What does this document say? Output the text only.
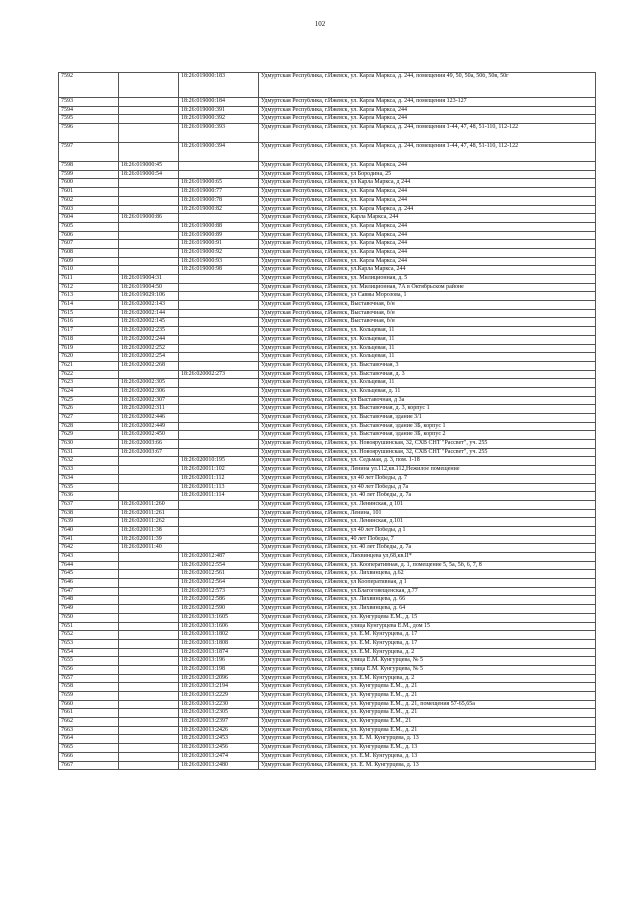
102
7592		18:26:019000:183	Удмуртская Республика, г.Ижевск, ул. Карла Маркса, д. 244, помещения 49, 50, 50а, 50б, 50в, 50г
7593		18:26:019000:184	Удмуртская Республика, г.Ижевск, ул. Карла Маркса, д. 244, помещения 123-127
7594		18:26:019000:391	Удмуртская Республика, г.Ижевск, ул. Карла Маркса, 244
7595		18:26:019000:392	Удмуртская Республика, г.Ижевск, ул. Карла Маркса, 244
7596		18:26:019000:393	Удмуртская Республика, г.Ижевск, ул. Карла Маркса, д. 244, помещения 1-44, 47, 48, 51-110, 112-122
7597		18:26:019000:394	Удмуртская Республика, г.Ижевск, ул. Карла Маркса, д. 244, помещения 1-44, 47, 48, 51-110, 112-122
7598	18:26:019000:45		Удмуртская Республика, г.Ижевск, ул. Карла Маркса, 244
7599	18:26:019000:54		Удмуртская Республика, г.Ижевск, ул Бородина, 25
7600		18:26:019000:65	Удмуртская Республика, г.Ижевск, ул Карла Маркса, д 244
7601		18:26:019000:77	Удмуртская Республика, г.Ижевск, ул. Карла Маркса, 244
7602		18:26:019000:78	Удмуртская Республика, г.Ижевск, ул. Карла Маркса, 244
7603		18:26:019000:82	Удмуртская Республика, г.Ижевск, ул. Карла Маркса, д. 244
7604	18:26:019000:86		Удмуртская Республика, г.Ижевск, Карла Маркса, 244
7605		18:26:019000:88	Удмуртская Республика, г.Ижевск, ул. Карла Маркса, 244
7606		18:26:019000:89	Удмуртская Республика, г.Ижевск, ул. Карла Маркса, 244
7607		18:26:019000:91	Удмуртская Республика, г.Ижевск, ул. Карла Маркса, 244
7608		18:26:019000:92	Удмуртская Республика, г.Ижевск, ул. Карла Маркса, 244
7609		18:26:019000:93	Удмуртская Республика, г.Ижевск, ул. Карла Маркса, 244
7610		18:26:019000:98	Удмуртская Республика, г.Ижевск, ул.Карла Маркса, 244
7611	18:26:019004:31		Удмуртская Республика, г.Ижевск, ул. Милиционная, д. 5
7612	18:26:019004:50		Удмуртская Республика, г.Ижевск, ул. Милиционная, 7А в Октябрьском районе
7613	18:26:019029:106		Удмуртская Республика, г.Ижевск, ул Саввы Морозова, 1
7614	18:26:020002:143		Удмуртская Республика, г.Ижевск, Выставочная, б/н
7615	18:26:020002:144		Удмуртская Республика, г.Ижевск, Выставочная, б/н
7616	18:26:020002:145		Удмуртская Республика, г.Ижевск, Выставочная, б/н
7617	18:26:020002:235		Удмуртская Республика, г.Ижевск, ул. Кольцевая, 11
7618	18:26:020002:244		Удмуртская Республика, г.Ижевск, ул. Кольцевая, 11
7619	18:26:020002:252		Удмуртская Республика, г.Ижевск, ул. Кольцевая, 11
7620	18:26:020002:254		Удмуртская Республика, г.Ижевск, ул. Кольцевая, 11
7621	18:26:020002:268		Удмуртская Республика, г.Ижевск, ул. Выставочная, 3
7622		18:26:020002:273	Удмуртская Республика, г.Ижевск, ул. Выставочная, д. 3
7623	18:26:020002:305		Удмуртская Республика, г.Ижевск, ул. Кольцевая, 11
7624	18:26:020002:306		Удмуртская Республика, г.Ижевск, ул. Кольцевая, д. 11
7625	18:26:020002:307		Удмуртская Республика, г.Ижевск, ул Выставочная, д 3а
7626	18:26:020002:311		Удмуртская Республика, г.Ижевск, ул. Выставочная, д. 3, корпус 1
7627	18:26:020002:446		Удмуртская Республика, г.Ижевск, ул. Выставочная, здание 3/1
7628	18:26:020002:449		Удмуртская Республика, г.Ижевск, ул. Выставочная, здание 3Б, корпус 1
7629	18:26:020002:450		Удмуртская Республика, г.Ижевск, ул. Выставочная, здание 3Б, корпус 2
7630	18:26:020003:66		Удмуртская Республика, г.Ижевск, ул. Новоярушинская, 32, СХВ СНТ "Рассвет", уч. 255
7631	18:26:020003:67		Удмуртская Республика, г.Ижевск, ул. Новоярушинская, 32, СХВ СНТ "Рассвет", уч. 255
7632		18:26:020010:195	Удмуртская Республика, г.Ижевск, ул. Седьмая, д. 3, пом. 1-18
7633		18:26:020011:102	Удмуртская Республика, г.Ижевск, Ленина ул.112,кв.112,Нежилое помещение
7634		18:26:020011:112	Удмуртская Республика, г.Ижевск, ул 40 лет Победы, д. 7
7635		18:26:020011:113	Удмуртская Республика, г.Ижевск, ул 40 лет Победы, д 7а
7636		18:26:020011:114	Удмуртская Республика, г.Ижевск, ул. 40 лет Победы, д. 7а
7637	18:26:020011:260		Удмуртская Республика, г.Ижевск, ул. Ленинская, д 101
7638	18:26:020011:261		Удмуртская Республика, г.Ижевск, Ленина, 101
7639	18:26:020011:262		Удмуртская Республика, г.Ижевск, ул. Ленинская, д.101
7640	18:26:020011:38		Удмуртская Республика, г.Ижевск, ул 40 лет Победы, д 1
7641	18:26:020011:39		Удмуртская Республика, г.Ижевск, 40 лет Победы, 7
7642	18:26:020011:40		Удмуртская Республика, г.Ижевск, ул. 40 лет Победы, д. 7а
7643		18:26:020012:487	Удмуртская Республика, г.Ижевск, Лихвинцева ул,68,кв.II*
7644		18:26:020012:554	Удмуртская Республика, г.Ижевск, ул. Кооперативная, д. 1, помещение 5, 5а, 5б, 6, 7, 8
7645		18:26:020012:561	Удмуртская Республика, г.Ижевск, ул. Лихвинцева, д.62
7646		18:26:020012:564	Удмуртская Республика, г.Ижевск, ул Кооперативная, д 1
7647		18:26:020012:573	Удмуртская Республика, г.Ижевск, ул.Благоговещенская, д.77
7648		18:26:020012:586	Удмуртская Республика, г.Ижевск, ул. Лихвинцева, д. 66
7649		18:26:020012:590	Удмуртская Республика, г.Ижевск, ул. Лихвинцева, д. 64
7650		18:26:020013:1605	Удмуртская Республика, г.Ижевск, ул. Кунгурцева Е.М., д. 15
7651		18:26:020013:1606	Удмуртская Республика, г.Ижевск, улица Кунгурцева Е.М., дом 15
7652		18:26:020013:1802	Удмуртская Республика, г.Ижевск, ул. Е.М. Кунгурцева, д. 17
7653		18:26:020013:1808	Удмуртская Республика, г.Ижевск, ул. Е.М. Кунгурцева, д. 17
7654		18:26:020013:1874	Удмуртская Республика, г.Ижевск, ул. Е.М. Кунгурцева, д. 2
7655		18:26:020013:196	Удмуртская Республика, г.Ижевск, улица Е.М. Кунгурцева, № 5
7656		18:26:020013:198	Удмуртская Республика, г.Ижевск, улица Е.М. Кунгурцева, № 5
7657		18:26:020013:2096	Удмуртская Республика, г.Ижевск, ул. Е.М. Кунгурцева, д. 2
7658		18:26:020013:2194	Удмуртская Республика, г.Ижевск, ул. Кунгурцева Е.М., д. 21
7659		18:26:020013:2229	Удмуртская Республика, г.Ижевск, ул. Кунгурцева Е.М., д. 21
7660		18:26:020013:2230	Удмуртская Республика, г.Ижевск, ул. Кунгурцева Е.М., д. 21, помещения 57-65,65а
7661		18:26:020013:2305	Удмуртская Республика, г.Ижевск, ул. Кунгурцева Е.М., д. 21
7662		18:26:020013:2397	Удмуртская Республика, г.Ижевск, ул. Кунгурцева Е.М., 21
7663		18:26:020013:2426	Удмуртская Республика, г.Ижевск, ул. Кунгурцева Е.М., д. 21
7664		18:26:020013:2453	Удмуртская Республика, г.Ижевск, ул. Е. М. Кунгурцева, д. 13
7665		18:26:020013:2456	Удмуртская Республика, г.Ижевск, ул. Кунгурцева Е.М., д. 13
7666		18:26:020013:2474	Удмуртская Республика, г.Ижевск, ул. Е.М. Кунгурцева, д. 13
7667		18:26:020013:2480	Удмуртская Республика, г.Ижевск, ул. Е. М. Кунгурцева, д. 13
